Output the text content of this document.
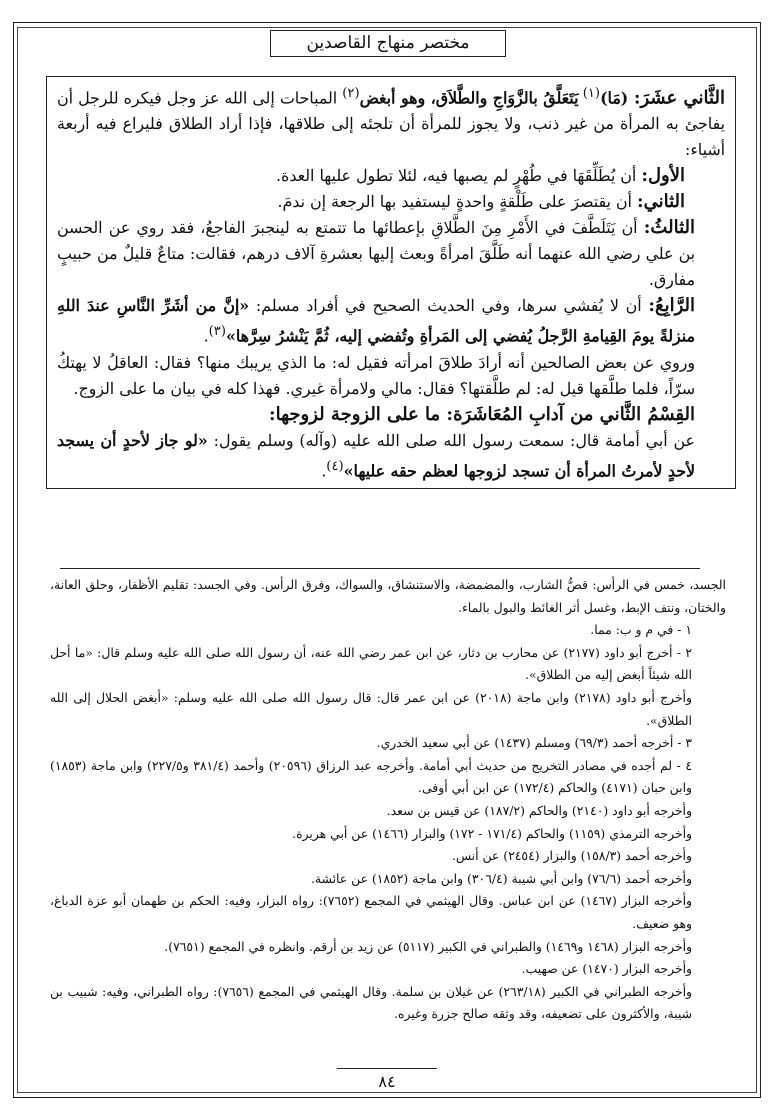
مختصر منهاج القاصدين

الثَّاني عشَرَ: (مَا)$^{(١)}$ يَتَعَلَّقُ بالزَّوَاجِ والطَّلاَق، وهو أبغض$^{(٢)}$ المباحات إلى الله عز وجل فيكره للرجل أن يفاجئ به المرأة من غير ذنب، ولا يجوز للمرأة أن تلجئه إلى طلاقها، فإذا أراد الطلاق فليراع فيه أربعة أشياء:

الأول: أن يُطَلِّقَهَا في طُهْرٍ لم يصبها فيه، لئلا تطول عليها العدة.

الثاني: أن يقتصرَ على طَلْقةٍ واحدةٍ ليستفيد بها الرجعة إن ندمَ.

الثالثُ: أن يَتَلَطَّفَ في الأَمْرِ مِنَ الطَّلاقِ بإعطائها ما تتمتع به لينجبرَ الفاجعُ، فقد روي عن الحسن بن علي رضي الله عنهما أنه طَلَّقَ امرأةً وبعث إليها بعشرةِ آلاف درهم، فقالت: متاعٌ قليلٌ من حبيبٍ مفارق.

الرَّابِعُ: أن لا يُفشي سرها، وفي الحديث الصحيح في أفراد مسلم: «إنَّ من أشَرِّ النَّاسِ عندَ اللهِ منزلةً يومَ القِيامةِ الرَّجلُ يُفضي إلى المَرأةِ وتُفضي إليه، ثُمَّ يَنْشرُ سِرَّها»$^{(٣)}$.

وروي عن بعض الصالحين أنه أرادَ طلاقَ امرأته فقيل له: ما الذي يريبك منها؟ فقال: العاقلُ لا يهتكُ سرّاً، فلما طلَّقها قيل له: لم طلَّقتها؟ فقال: مالي ولامرأة غيري. فهذا كله في بيان ما على الزوج.

القِسْمُ الثَّاني من آدابِ المُعَاشَرَة: ما على الزوجة لزوجها:

عن أبي أمامة قال: سمعت رسول الله صلى الله عليه (وآله) وسلم يقول: «لو جاز لأحدٍ أن يسجد لأحدٍ لأمرتُ المرأة أن تسجد لزوجها لعظم حقه عليها»$^{(٤)}$.

الجسد، خمس في الرأس: قصُّ الشارب، والمضمضة، والاستنشاق، والسواك، وفرق الرأس. وفي الجسد: تقليم الأظفار، وحلق العانة، والختان، ونتف الإبط، وغسل أثر الغائط والبول بالماء.

١ - في م و ب: مما.

٢ - أخرج أبو داود (٢١٧٧) عن محارب بن دثار، عن ابن عمر رضي الله عنه، أن رسول الله صلى الله عليه وسلم قال: «ما أحل الله شيئاً أبغض إليه من الطلاق».

وأخرج أبو داود (٢١٧٨) وابن ماجة (٢٠١٨) عن ابن عمر قال: قال رسول الله صلى الله عليه وسلم: «أبغض الحلال إلى الله الطلاق».

٣ - أخرجه أحمد (٦٩/٣) ومسلم (١٤٣٧) عن أبي سعيد الخدري.

٤ - لم أجده في مصادر التخريج من حديث أبي أمامة. وأخرجه عبد الرزاق (٢٠٥٩٦) وأحمد (٣٨١/٤ و٢٢٧/٥) وابن ماجة (١٨٥٣) وابن حبان (٤١٧١) والحاكم (١٧٢/٤) عن ابن أبي أوفى.

وأخرجه أبو داود (٢١٤٠) والحاكم (١٨٧/٢) عن قيس بن سعد.

وأخرجه الترمذي (١١٥٩) والحاكم (١٧١/٤ - ١٧٢) والبزار (١٤٦٦) عن أبي هريرة.

وأخرجه أحمد (١٥٨/٣) والبزار (٢٤٥٤) عن أنس.

وأخرجه أحمد (٧٦/٦) وابن أبي شيبة (٣٠٦/٤) وابن ماجة (١٨٥٢) عن عائشة.

وأخرجه البزار (١٤٦٧) عن ابن عباس. وقال الهيثمي في المجمع (٧٦٥٢): رواه البزار، وفيه: الحكم بن طهمان أبو عزة الدباغ، وهو ضعيف.

وأخرجه البزار (١٤٦٨ و١٤٦٩) والطبراني في الكبير (٥١١٧) عن زيد بن أرقم. وانظره في المجمع (٧٦٥١).

وأخرجه البزار (١٤٧٠) عن صهيب.

وأخرجه الطبراني في الكبير (٢٦٣/١٨) عن غيلان بن سلمة. وقال الهيثمي في المجمع (٧٦٥٦): رواه الطبراني، وفيه: شبيب بن شيبة، والأكثرون على تضعيفه، وقد وثقه صالح جزرة وغيره.

٨٤
